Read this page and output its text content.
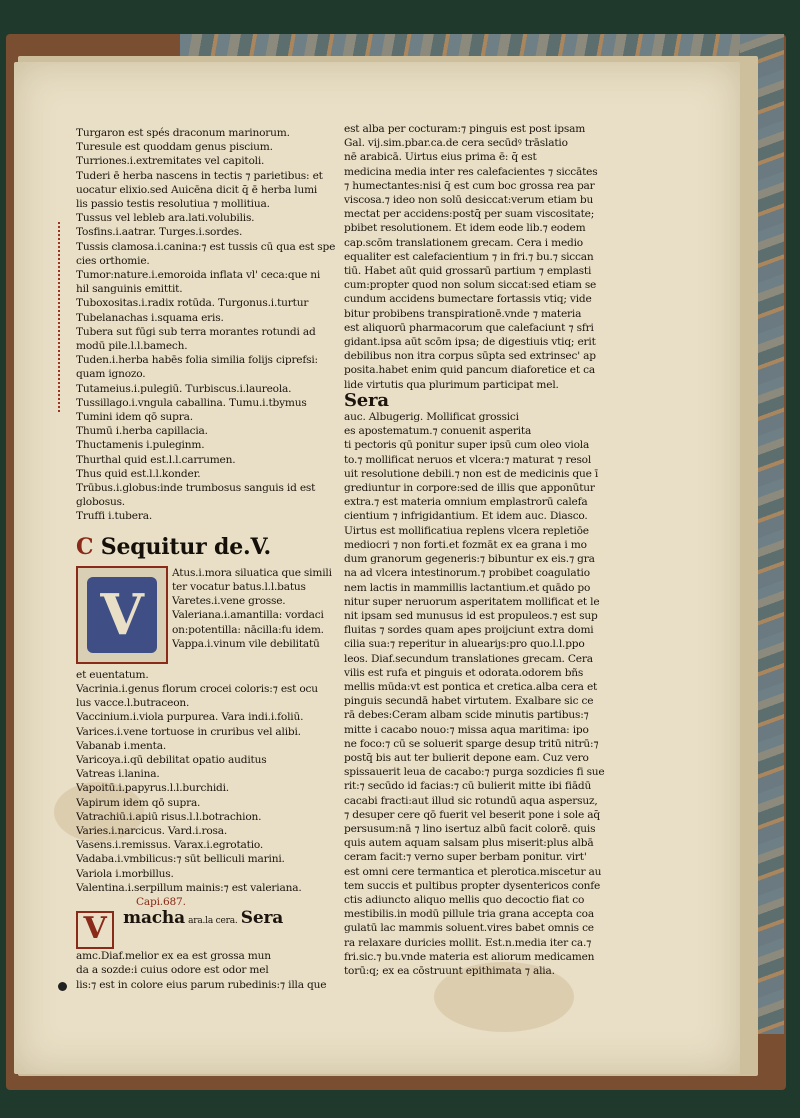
Turgaron est spés draconum marinorum.
Turesule est quoddam genus piscium.
Turriones.i.extremitates vel capitoli.
Tuderi ē herba nascens in tectis ⁊ parietibus: et
uocatur elixio.sed Auicēna dicit q̄ ē herba lumi
lis passio testis resolutiua ⁊ mollitiua.
Tussus vel lebleb ara.lati.volubilis.
Tosfins.i.aatrar. Turges.i.sordes.
Tussis clamosa.i.canina:⁊ est tussis cū qua est spe
cies orthomie.
Tumor:nature.i.emoroida inflata vl' ceca:que ni
hil sanguinis emittit.
Tuboxositas.i.radix rotūda. Turgonus.i.turtur
Tubelanachas i.squama eris.
Tubera sut fūgi sub terra morantes rotundi ad
modū pile.l.l.bamech.
Tuden.i.herba habēs folia similia folijs ciprefsi:
quam ignozo.
Tutameius.i.pulegiū. Turbiscus.i.laureola.
Tussillago.i.vngula caballina. Tumu.i.tbymus
Tumini idem qō supra.
Thumū i.herba capillacia.
Thuctamenis i.puleginm.
Thurthal quid est.l.l.carrumen.
Thus quid est.l.l.konder.
Trūbus.i.globus:inde trumbosus sanguis id est
globosus.
Truffi i.tubera.
C Sequitur de.V.
V
Atus.i.mora siluatica que simili
ter vocatur batus.l.l.batus
Varetes.i.vene grosse.
Valeriana.i.amantilla: vordaci
on:potentilla: nācilla:fu idem.
Vappa.i.vinum vile debilitatū
et euentatum.
Vacrinia.i.genus florum crocei coloris:⁊ est ocu
lus vacce.l.butraceon.
Vaccinium.i.viola purpurea. Vara indi.i.foliū.
Varices.i.vene tortuose in cruribus vel alibi.
Vabanab i.menta.
Varicoya.i.qū debilitat opatio auditus
Vatreas i.lanina.
Vapoitū.i.papyrus.l.l.burchidi.
Vapirum idem qō supra.
Vatrachiū.i.apiū risus.l.l.botrachion.
Varies.i.narcicus. Vard.i.rosa.
Vasens.i.remissus. Varax.i.egrotatio.
Vadaba.i.vmbilicus:⁊ sūt belliculi marini.
Variola i.morbillus.
Valentina.i.serpillum mainis:⁊ est valeriana.
Capi.687.
V macha ara.la cera. Sera
amc.Diaf.melior ex ea est grossa mun
da a sozde:i cuius odore est odor mel
lis:⁊ est in colore eius parum rubedinis:⁊ illa que
est alba per cocturam:⁊ pinguis est post ipsam
Gal. vij.sim.pbar.ca.de cera secūdꝰ trāslatio
nē arabicā. Uirtus eius prima ē: q̄ est
medicina media inter res calefacientes ⁊ siccātes
⁊ humectantes:nisi q̄ est cum boc grossa rea par
viscosa.⁊ ideo non solū desiccat:verum etiam bu
mectat per accidens:postq̄ per suam viscositate;
pbibet resolutionem. Et idem eode lib.⁊ eodem
cap.scōm translationem grecam. Cera i medio
equaliter est calefacientium ⁊ in fri.⁊ bu.⁊ siccan
tiū. Habet aūt quid grossarū partium ⁊ emplasti
cum:propter quod non solum siccat:sed etiam se
cundum accidens bumectare fortassis vtiq; vide
bitur probibens transpirationē.vnde ⁊ materia
est aliquorū pharmacorum que calefaciunt ⁊ sfri
gidant.ipsa aūt scōm ipsa; de digestiuis vtiq; erit
debilibus non itra corpus sūpta sed extrinsec' ap
posita.habet enim quid pancum diaforetice et ca
lide virtutis qua plurimum participat mel.
Sera
auc. Albugerig. Mollificat grossici
es apostematum.⁊ conuenit asperita
ti pectoris qū ponitur super ipsū cum oleo viola
to.⁊ mollificat neruos et vlcera:⁊ maturat ⁊ resol
uit resolutione debili.⁊ non est de medicinis que ī
grediuntur in corpore:sed de illis que apponūtur
extra.⁊ est materia omnium emplastrorū calefa
cientium ⁊ infrigidantium. Et idem auc. Diasco.
Uirtus est mollificatiua replens vlcera repletiōe
mediocri ⁊ non forti.et fozmāt ex ea grana i mo
dum granorum gegeneris:⁊ bibuntur ex eis.⁊ gra
na ad vlcera intestinorum.⁊ probibet coagulatio
nem lactis in mammillis lactantium.et quādo po
nitur super neruorum asperitatem mollificat et le
nit ipsam sed munusus id est propuleos.⁊ est sup
fluitas ⁊ sordes quam apes proijciunt extra domi
cilia sua:⁊ reperitur in alueariȷs:pro quo.l.l.ppo
leos. Diaf.secundum translationes grecam. Cera
vilis est rufa et pinguis et odorata.odorem bñs
mellis mūda:vt est pontica et cretica.alba cera et
pinguis secundā habet virtutem. Exalbare sic ce
rā debes:Ceram albam scide minutis partibus:⁊
mitte i cacabo nouo:⁊ missa aqua maritima: ipo
ne foco:⁊ cū se soluerit sparge desup tritū nitrū:⁊
postq̄ bis aut ter bulierit depone eam. Cuz vero
spissauerit leua de cacabo:⁊ purga sozdicies fi sue
rit:⁊ secūdo id facias:⁊ cū bulierit mitte ibi fiādū
cacabi fracti:aut illud sic rotundū aqua aspersuz,
⁊ desuper cere qō fuerit vel beserit pone i sole aq̄
persusum:nā ⁊ lino isertuz albū facit colorē. quis
quis autem aquam salsam plus miserit:plus albā
ceram facit:⁊ verno super berbam ponitur. virt'
est omni cere termantica et plerotica.miscetur au
tem succis et pultibus propter dysentericos confe
ctis adiuncto aliquo mellis quo decoctio fiat co
mestibilis.in modū pillule tria grana accepta coa
gulatū lac mammis soluent.vires babet omnis ce
ra relaxare duricies mollit. Est.n.media iter ca.⁊
fri.sic.⁊ bu.vnde materia est aliorum medicamen
torū:q; ex ea cōstruunt epithimata ⁊ alia.
